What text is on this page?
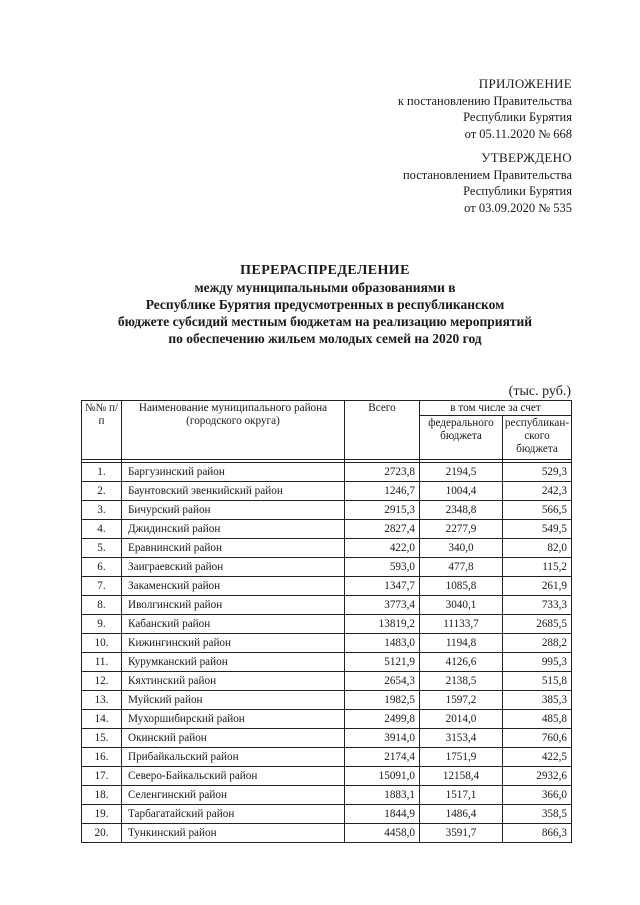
ПРИЛОЖЕНИЕ
к постановлению Правительства
Республики Бурятия
от 05.11.2020 № 668
УТВЕРЖДЕНО
постановлением Правительства
Республики Бурятия
от 03.09.2020 № 535
ПЕРЕРАСПРЕДЕЛЕНИЕ
между муниципальными образованиями в
Республике Бурятия предусмотренных в республиканском
бюджете субсидий местным бюджетам на реализацию мероприятий
по обеспечению жильем молодых семей на 2020 год
(тыс. руб.)
№№ п/п	Наименование муниципального района (городского округа)	Всего	в том числе за счет	
			федерального бюджета	республикан-ского бюджета

1.	Баргузинский район	2723,8	2194,5	529,3
2.	Баунтовский эвенкийский район	1246,7	1004,4	242,3
3.	Бичурский район	2915,3	2348,8	566,5
4.	Джидинский район	2827,4	2277,9	549,5
5.	Еравнинский район	422,0	340,0	82,0
6.	Заиграевский район	593,0	477,8	115,2
7.	Закаменский район	1347,7	1085,8	261,9
8.	Иволгинский район	3773,4	3040,1	733,3
9.	Кабанский район	13819,2	11133,7	2685,5
10.	Кижингинский район	1483,0	1194,8	288,2
11.	Курумканский район	5121,9	4126,6	995,3
12.	Кяхтинский район	2654,3	2138,5	515,8
13.	Муйский район	1982,5	1597,2	385,3
14.	Мухоршибирский район	2499,8	2014,0	485,8
15.	Окинский район	3914,0	3153,4	760,6
16.	Прибайкальский район	2174,4	1751,9	422,5
17.	Северо-Байкальский район	15091,0	12158,4	2932,6
18.	Селенгинский район	1883,1	1517,1	366,0
19.	Тарбагатайский район	1844,9	1486,4	358,5
20.	Тункинский район	4458,0	3591,7	866,3
